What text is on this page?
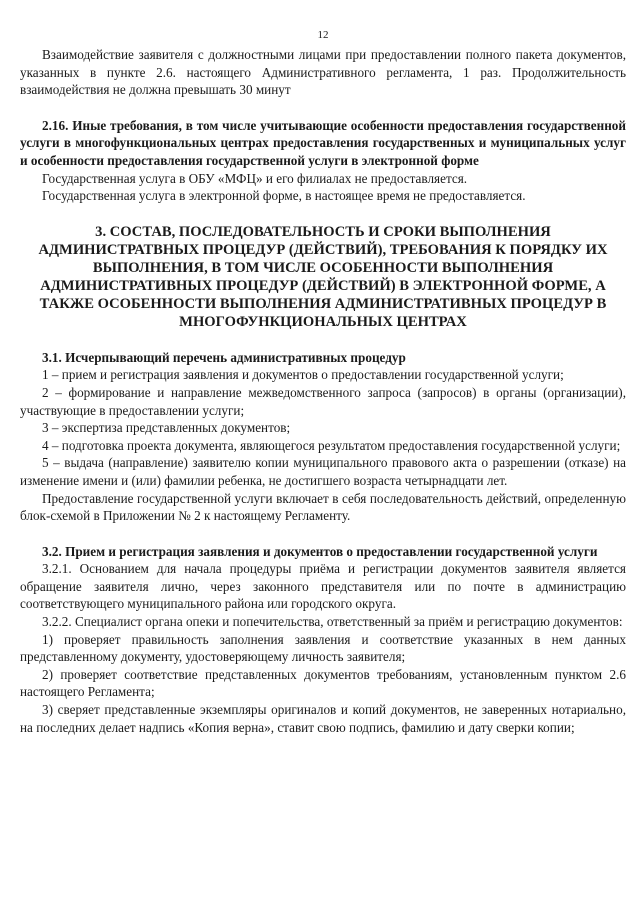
12

Взаимодействие заявителя с должностными лицами при предоставлении полного пакета документов, указанных в пункте 2.6. настоящего Административного регламента, 1 раз. Продолжительность взаимодействия не должна превышать 30 минут

2.16. Иные требования, в том числе учитывающие особенности предоставления государственной услуги в многофункциональных центрах предоставления государственных и муниципальных услуг и особенности предоставления государственной услуги в электронной форме

Государственная услуга в ОБУ «МФЦ» и его филиалах не предоставляется.

Государственная услуга в электронной форме, в настоящее время не предоставляется.

3. СОСТАВ, ПОСЛЕДОВАТЕЛЬНОСТЬ И СРОКИ ВЫПОЛНЕНИЯ АДМИНИСТРАТВНЫХ ПРОЦЕДУР (ДЕЙСТВИЙ), ТРЕБОВАНИЯ К ПОРЯДКУ ИХ ВЫПОЛНЕНИЯ, В ТОМ ЧИСЛЕ ОСОБЕННОСТИ ВЫПОЛНЕНИЯ АДМИНИСТРАТИВНЫХ ПРОЦЕДУР (ДЕЙСТВИЙ) В ЭЛЕКТРОННОЙ ФОРМЕ, А ТАКЖЕ ОСОБЕННОСТИ ВЫПОЛНЕНИЯ АДМИНИСТРАТИВНЫХ ПРОЦЕДУР В МНОГОФУНКЦИОНАЛЬНЫХ ЦЕНТРАХ

3.1. Исчерпывающий перечень административных процедур

1 – прием и регистрация заявления и документов о предоставлении государственной услуги;

2 – формирование и направление межведомственного запроса (запросов) в органы (организации), участвующие в предоставлении услуги;

3 – экспертиза представленных документов;

4 – подготовка проекта документа, являющегося результатом предоставления государственной услуги;

5 – выдача (направление) заявителю копии муниципального правового акта о разрешении (отказе) на изменение имени и (или) фамилии ребенка, не достигшего возраста четырнадцати лет.

Предоставление государственной услуги включает в себя последовательность действий, определенную блок-схемой в Приложении № 2 к настоящему Регламенту.

3.2. Прием и регистрация заявления и документов о предоставлении государственной услуги

3.2.1. Основанием для начала процедуры приёма и регистрации документов заявителя является обращение заявителя лично, через законного представителя или по почте в администрацию соответствующего муниципального района или городского округа.

3.2.2. Специалист органа опеки и попечительства, ответственный за приём и регистрацию документов:

1) проверяет правильность заполнения заявления и соответствие указанных в нем данных представленному документу, удостоверяющему личность заявителя;

2) проверяет соответствие представленных документов требованиям, установленным пунктом 2.6 настоящего Регламента;

3) сверяет представленные экземпляры оригиналов и копий документов, не заверенных нотариально, на последних делает надпись «Копия верна», ставит свою подпись, фамилию и дату сверки копии;
